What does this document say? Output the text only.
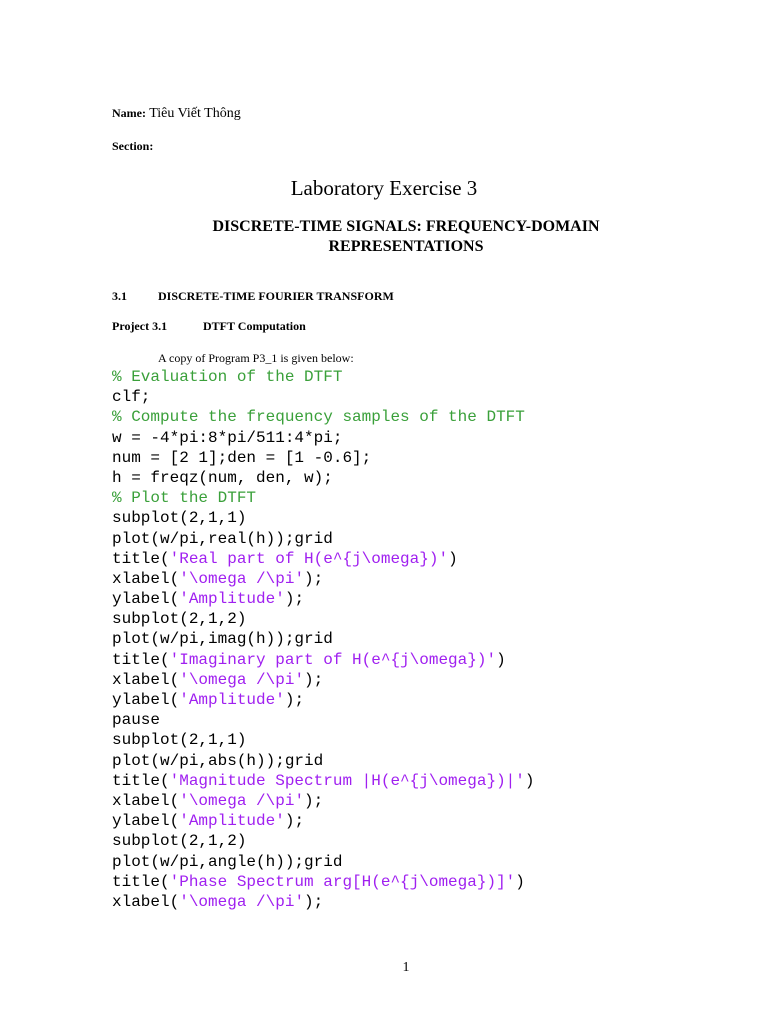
Name: Tiêu Viết Thông
Section:
Laboratory Exercise 3
DISCRETE-TIME SIGNALS: FREQUENCY-DOMAIN
REPRESENTATIONS
3.1	DISCRETE-TIME FOURIER TRANSFORM
Project 3.1	DTFT Computation
A copy of Program P3_1 is given below:
% Evaluation of the DTFT
clf;
% Compute the frequency samples of the DTFT
w = -4*pi:8*pi/511:4*pi;
num = [2 1];den = [1 -0.6];
h = freqz(num, den, w);
% Plot the DTFT
subplot(2,1,1)
plot(w/pi,real(h));grid
title('Real part of H(e^{j\omega})')
xlabel('\omega /\pi');
ylabel('Amplitude');
subplot(2,1,2)
plot(w/pi,imag(h));grid
title('Imaginary part of H(e^{j\omega})')
xlabel('\omega /\pi');
ylabel('Amplitude');
pause
subplot(2,1,1)
plot(w/pi,abs(h));grid
title('Magnitude Spectrum |H(e^{j\omega})|')
xlabel('\omega /\pi');
ylabel('Amplitude');
subplot(2,1,2)
plot(w/pi,angle(h));grid
title('Phase Spectrum arg[H(e^{j\omega})]')
xlabel('\omega /\pi');
1
